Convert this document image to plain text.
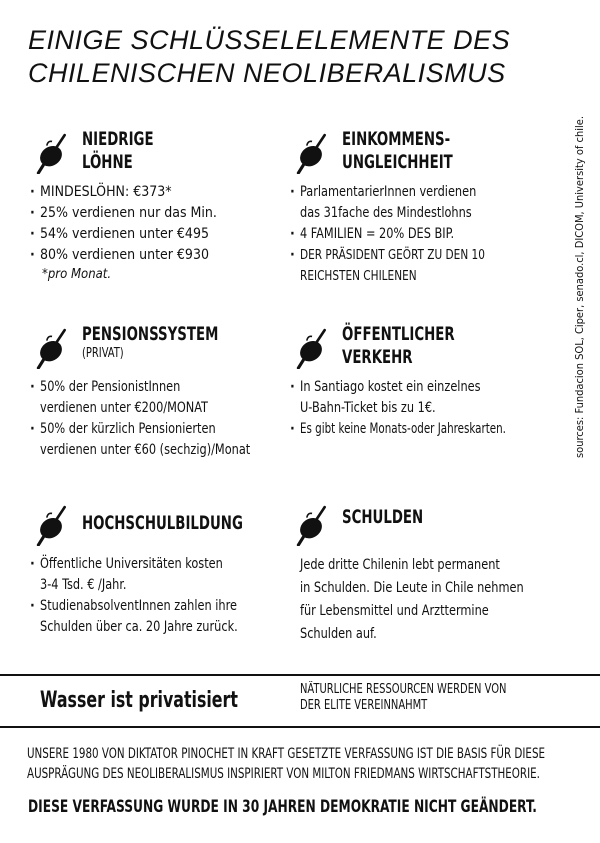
EINIGE SCHLÜSSELELEMENTE DES
CHILENISCHEN NEOLIBERALISMUS
NIEDRIGE
LÖHNE
· MINDESLÖHN: €373*
· 25% verdienen nur das Min.
· 54% verdienen unter €495
· 80% verdienen unter €930
*pro Monat.
EINKOMMENS-
UNGLEICHHEIT
· ParlamentarierInnen verdienen
das 31fache des Mindestlohns
· 4 FAMILIEN = 20% DES BIP.
· DER PRÄSIDENT GEÖRT ZU DEN 10
REICHSTEN CHILENEN
PENSIONSSYSTEM
(PRIVAT)
· 50% der PensionistInnen
verdienen unter €200/MONAT
· 50% der kürzlich Pensionierten
verdienen unter €60 (sechzig)/Monat
ÖFFENTLICHER
VERKEHR
· In Santiago kostet ein einzelnes
U-Bahn-Ticket bis zu 1€.
· Es gibt keine Monats-oder Jahreskarten.
HOCHSCHULBILDUNG
· Öffentliche Universitäten kosten
3-4 Tsd. € /Jahr.
· StudienabsolventInnen zahlen ihre
Schulden über ca. 20 Jahre zurück.
SCHULDEN
Jede dritte Chilenin lebt permanent
in Schulden. Die Leute in Chile nehmen
für Lebensmittel und Arzttermine
Schulden auf.
sources: Fundacion SOL, Ciper, senado.cl, DICOM, University of chile.
Wasser ist privatisiert	NÄTURLICHE RESSOURCEN WERDEN VON
DER ELITE VEREINNAHMT
UNSERE 1980 VON DIKTATOR PINOCHET IN KRAFT GESETZTE VERFASSUNG IST DIE BASIS FÜR DIESE
AUSPRÄGUNG DES NEOLIBERALISMUS INSPIRIERT VON MILTON FRIEDMANS WIRTSCHAFTSTHEORIE.
DIESE VERFASSUNG WURDE IN 30 JAHREN DEMOKRATIE NICHT GEÄNDERT.
